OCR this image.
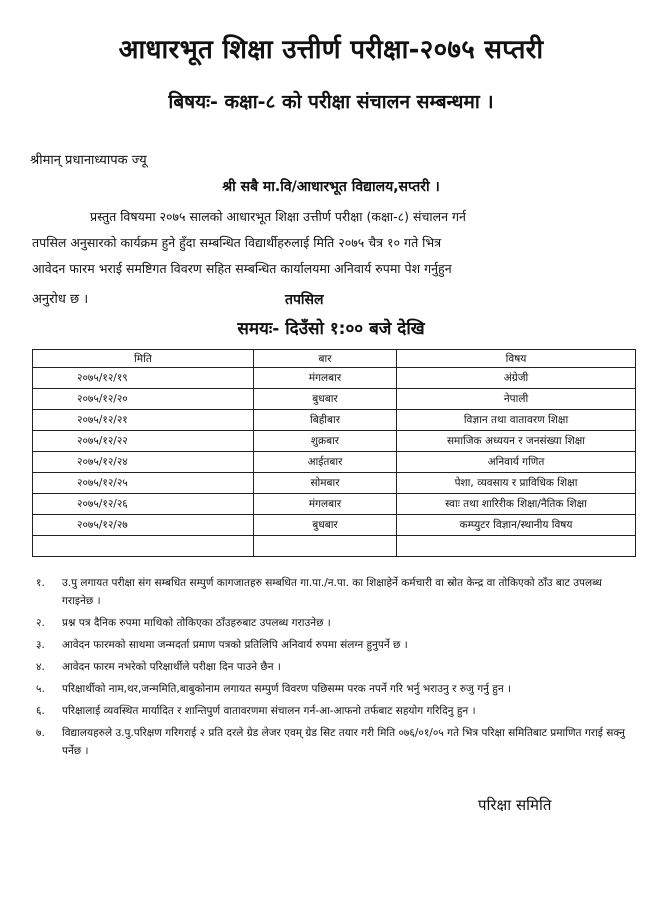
आधारभूत शिक्षा उत्तीर्ण परीक्षा-२०७५ सप्तरी
बिषयः- कक्षा-८ को परीक्षा संचालन सम्बन्धमा ।
श्रीमान् प्रधानाध्यापक ज्यू
श्री सबै मा.वि/आधारभूत विद्यालय,सप्तरी ।
प्रस्तुत विषयमा २०७५ सालको आधारभूत शिक्षा उत्तीर्ण परीक्षा (कक्षा-८) संचालन गर्न
तपसिल अनुसारको कार्यक्रम हुने हुँदा सम्बन्धित विद्यार्थीहरुलाई मिति २०७५ चैत्र १० गते भित्र
आवेदन फारम भराई समष्टिगत विवरण सहित सम्बन्धित कार्यालयमा अनिवार्य रुपमा पेश गर्नुहुन
अनुरोध छ ।	तपसिल
समयः- दिउँसो १:०० बजे देखि
मिति	बार	विषय
२०७५/१२/१९	मंगलबार	अंग्रेजी
२०७५/१२/२०	बुधबार	नेपाली
२०७५/१२/२१	बिहीबार	विज्ञान तथा वातावरण शिक्षा
२०७५/१२/२२	शुक्रबार	समाजिक अध्ययन र जनसंख्या शिक्षा
२०७५/१२/२४	आईतबार	अनिवार्य गणित
२०७५/१२/२५	सोमबार	पेशा, व्यवसाय र प्राविधिक शिक्षा
२०७५/१२/२६	मंगलबार	स्वाः तथा शारिरीक शिक्षा/नैतिक शिक्षा
२०७५/१२/२७	बुधबार	कम्प्युटर विज्ञान/स्थानीय विषय

१. उ.पु लगायत परीक्षा संग सम्बधित सम्पुर्ण कागजातहरु सम्बधित गा.पा./न.पा. का शिक्षाहेर्ने कर्मचारी वा स्रोत केन्द्र वा तोकिएको ठाँउ बाट उपलब्ध गराइनेछ ।
२. प्रश्न पत्र दैनिक रुपमा माथिको तोकिएका ठाँउहरुबाट उपलब्ध गराउनेछ ।
३. आवेदन फारमको साथमा जन्मदर्ता प्रमाण पत्रको प्रतिलिपि अनिवार्य रुपमा संलग्न हुनुपर्ने छ ।
४. आवेदन फारम नभरेको परिक्षार्थीले परीक्षा दिन पाउने छैन ।
५. परिक्षार्थीको नाम,थर,जन्ममिति,बाबुकोनाम लगायत सम्पुर्ण विवरण पछिसम्म परक नपर्ने गरि भर्नु भराउनु र रुजु गर्नु हुन ।
६. परिक्षालाई व्यवस्थित मार्यादित र शान्तिपुर्ण वातावरणमा संचालन गर्न-आ-आफनो तर्फबाट सहयोग गरिदिनु हुन ।
७. विद्यालयहरुले उ.पु.परिक्षण गरिगराई २ प्रति दरले ग्रेड लेजर एवम् ग्रेड सिट तयार गरी मिति ०७६/०१/०५ गते भित्र परिक्षा समितिबाट प्रमाणित गराई सक्नु पर्नेछ ।
परिक्षा समिति
